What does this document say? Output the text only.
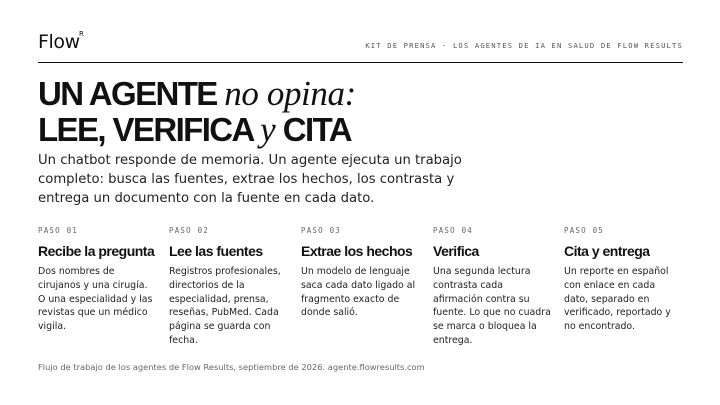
Flow R
KIT DE PRENSA · LOS AGENTES DE IA EN SALUD DE FLOW RESULTS
UN AGENTE no opina:
LEE, VERIFICA y CITA

Un chatbot responde de memoria. Un agente ejecuta un trabajo completo: busca las fuentes, extrae los hechos, los contrasta y entrega un documento con la fuente en cada dato.

PASO 01
Recibe la pregunta
Dos nombres de cirujanos y una cirugía. O una especialidad y las revistas que un médico vigila.
PASO 02
Lee las fuentes
Registros profesionales, directorios de la especialidad, prensa, reseñas, PubMed. Cada página se guarda con fecha.
PASO 03
Extrae los hechos
Un modelo de lenguaje saca cada dato ligado al fragmento exacto de donde salió.
PASO 04
Verifica
Una segunda lectura contrasta cada afirmación contra su fuente. Lo que no cuadra se marca o bloquea la entrega.
PASO 05
Cita y entrega
Un reporte en español con enlace en cada dato, separado en verificado, reportado y no encontrado.

Flujo de trabajo de los agentes de Flow Results, septiembre de 2026. agente.flowresults.com
